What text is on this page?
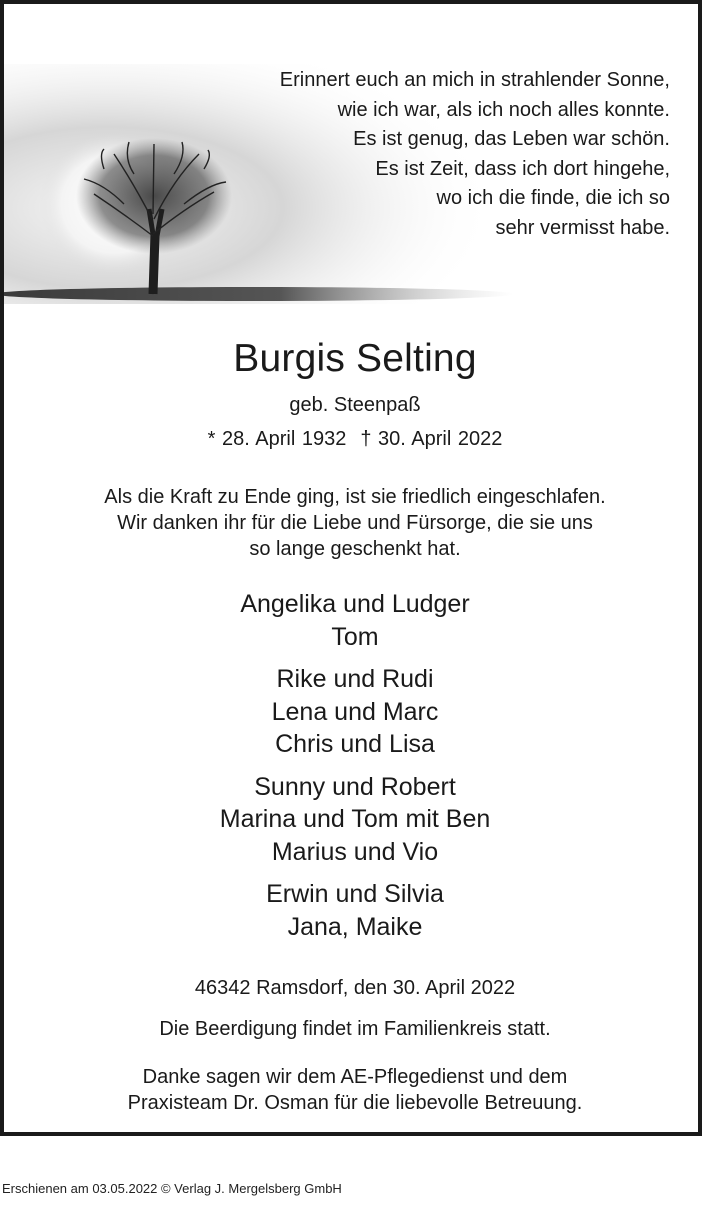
Erinnert euch an mich in strahlender Sonne,
wie ich war, als ich noch alles konnte.
Es ist genug, das Leben war schön.
Es ist Zeit, dass ich dort hingehe,
wo ich die finde, die ich so
sehr vermisst habe.
Burgis Selting
geb. Steenpaß
* 28. April 1932 † 30. April 2022
Als die Kraft zu Ende ging, ist sie friedlich eingeschlafen.
Wir danken ihr für die Liebe und Fürsorge, die sie uns
so lange geschenkt hat.
Angelika und Ludger
Tom
Rike und Rudi
Lena und Marc
Chris und Lisa
Sunny und Robert
Marina und Tom mit Ben
Marius und Vio
Erwin und Silvia
Jana, Maike
46342 Ramsdorf, den 30. April 2022
Die Beerdigung findet im Familienkreis statt.
Danke sagen wir dem AE-Pflegedienst und dem
Praxisteam Dr. Osman für die liebevolle Betreuung.
Erschienen am 03.05.2022 © Verlag J. Mergelsberg GmbH
